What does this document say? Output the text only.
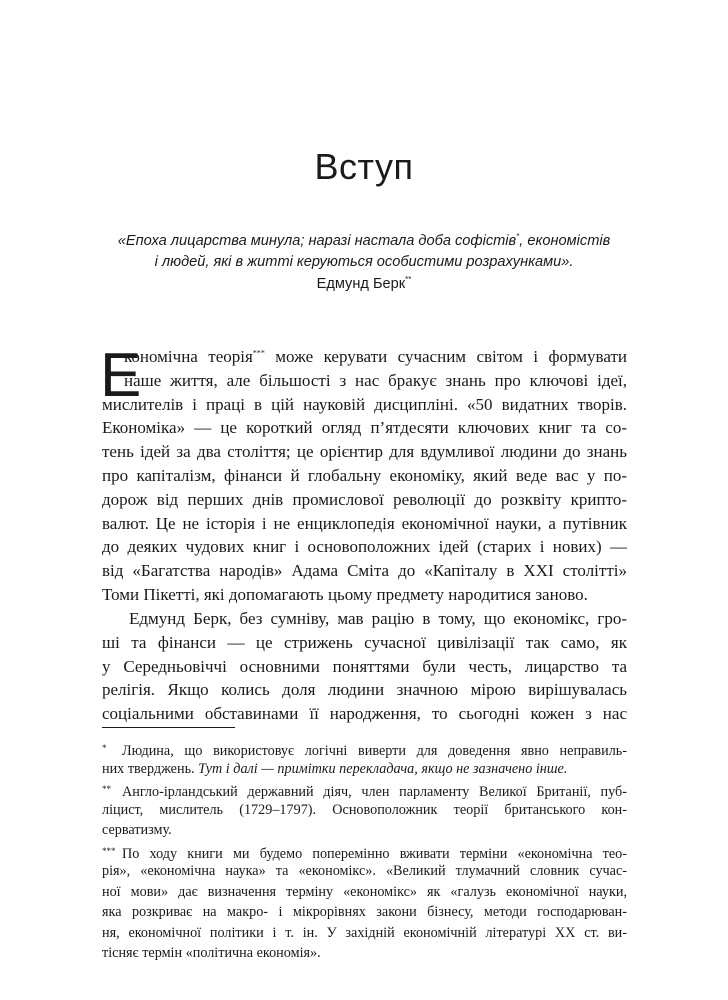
Вступ
«Епоха лицарства минула; наразі настала доба софістів*, економістів
і людей, які в житті керуються особистими розрахунками».
Едмунд Берк**
Е
кономічна теорія*** може керувати сучасним світом і формувати
наше життя, але більшості з нас бракує знань про ключові ідеї,
мислителів і праці в цій науковій дисципліні. «50 видатних творів.
Економіка» — це короткий огляд п’ятдесяти ключових книг та со-
тень ідей за два століття; це орієнтир для вдумливої людини до знань
про капіталізм, фінанси й глобальну економіку, який веде вас у по-
дорож від перших днів промислової революції до розквіту крипто-
валют. Це не історія і не енциклопедія економічної науки, а путівник
до деяких чудових книг і основоположних ідей (старих і нових) —
від «Багатства народів» Адама Сміта до «Капіталу в XXI столітті»
Томи Пікетті, які допомагають цьому предмету народитися заново.
Едмунд Берк, без сумніву, мав рацію в тому, що економікс, гро-
ші та фінанси — це стрижень сучасної цивілізації так само, як
у Середньовіччі основними поняттями були честь, лицарство та
релігія. Якщо колись доля людини значною мірою вирішувалась
соціальними обставинами її народження, то сьогодні кожен з нас
* Людина, що використовує логічні виверти для доведення явно неправиль-
них тверджень. Тут і далі — примітки перекладача, якщо не зазначено інше.
** Англо-ірландський державний діяч, член парламенту Великої Британії, пуб-
ліцист, мислитель (1729–1797). Основоположник теорії британського кон-
серватизму.
*** По ходу книги ми будемо поперемінно вживати терміни «економічна тео-
рія», «економічна наука» та «економікс». «Великий тлумачний словник сучас-
ної мови» дає визначення терміну «економікс» як «галузь економічної науки,
яка розкриває на макро- і мікрорівнях закони бізнесу, методи господарюван-
ня, економічної політики і т. ін. У західній економічній літературі XX ст. ви-
тісняє термін «політична економія».
